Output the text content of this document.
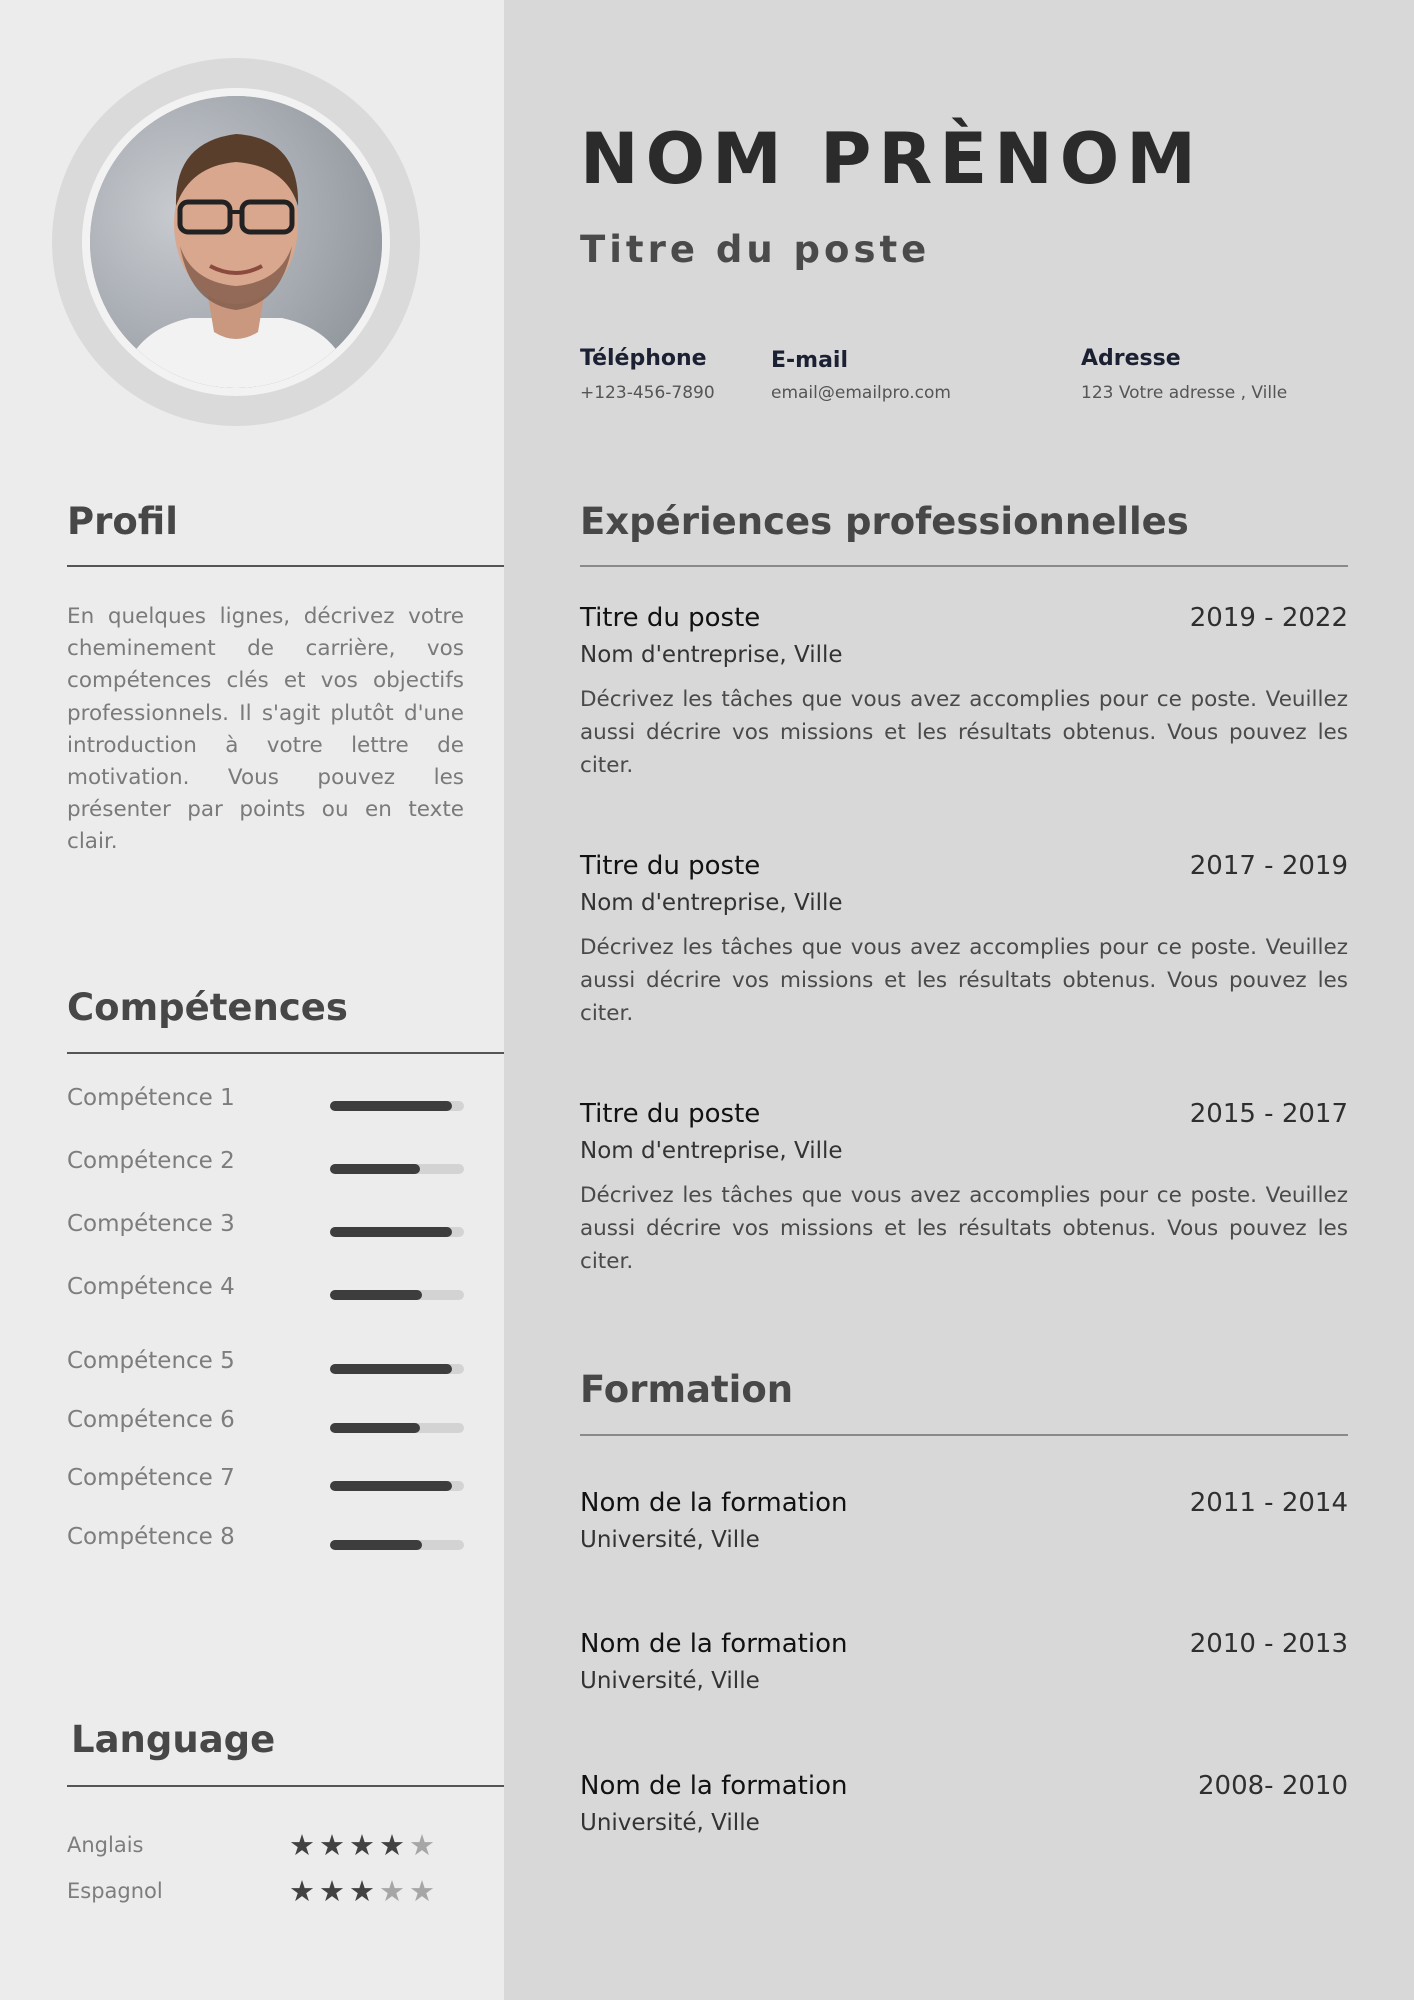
Profil

En quelques lignes, décrivez votre cheminement de carrière, vos compétences clés et vos objectifs professionnels. Il s'agit plutôt d'une introduction à votre lettre de motivation. Vous pouvez les présenter par points ou en texte clair.

Compétences
Compétence 1
Compétence 2
Compétence 3
Compétence 4
Compétence 5
Compétence 6
Compétence 7
Compétence 8
Language
Anglais	★★★★★
Espagnol	★★★★★
NOM PRÈNOM
Titre du poste
Téléphone
+123-456-7890
E-mail
email@emailpro.com
Adresse
123 Votre adresse , Ville
Expériences professionnelles
Titre du poste	2019 - 2022
Nom d'entreprise, Ville

Décrivez les tâches que vous avez accomplies pour ce poste. Veuillez aussi décrire vos missions et les résultats obtenus. Vous pouvez les citer.

Titre du poste	2017 - 2019
Nom d'entreprise, Ville

Décrivez les tâches que vous avez accomplies pour ce poste. Veuillez aussi décrire vos missions et les résultats obtenus. Vous pouvez les citer.

Titre du poste	2015 - 2017
Nom d'entreprise, Ville

Décrivez les tâches que vous avez accomplies pour ce poste. Veuillez aussi décrire vos missions et les résultats obtenus. Vous pouvez les citer.

Formation
Nom de la formation	2011 - 2014
Université, Ville
Nom de la formation	2010 - 2013
Université, Ville
Nom de la formation	2008- 2010
Université, Ville
